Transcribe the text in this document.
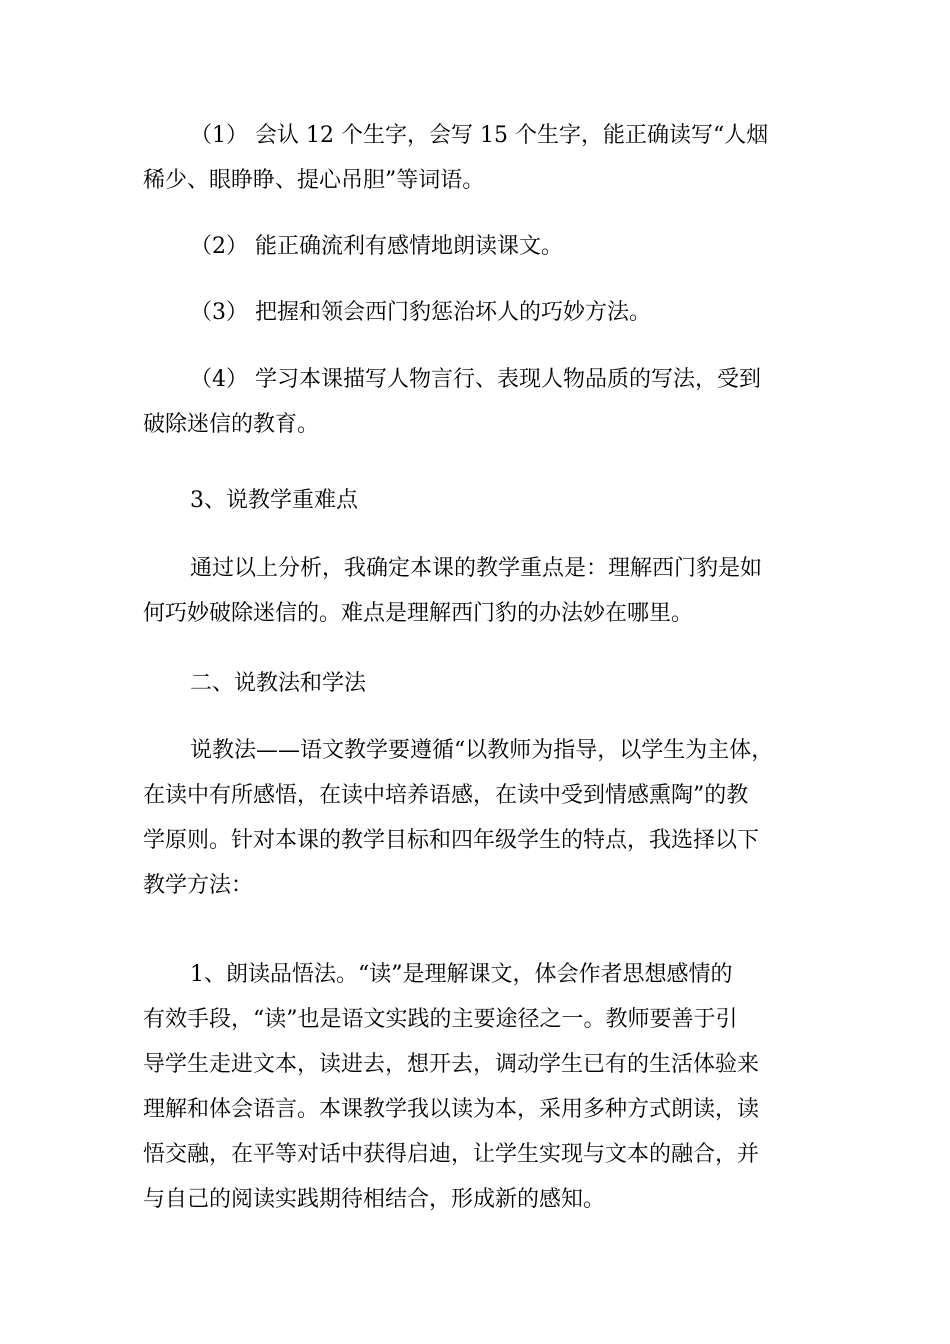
（1） 会认 12 个生字，会写 15 个生字，能正确读写“人烟
稀少、眼睁睁、提心吊胆”等词语。
（2） 能正确流利有感情地朗读课文。
（3） 把握和领会西门豹惩治坏人的巧妙方法。
（4） 学习本课描写人物言行、表现人物品质的写法，受到
破除迷信的教育。
3、说教学重难点
通过以上分析，我确定本课的教学重点是：理解西门豹是如
何巧妙破除迷信的。难点是理解西门豹的办法妙在哪里。
二、说教法和学法
说教法——语文教学要遵循“以教师为指导，以学生为主体，
在读中有所感悟，在读中培养语感，在读中受到情感熏陶”的教
学原则。针对本课的教学目标和四年级学生的特点，我选择以下
教学方法：
1、朗读品悟法。“读”是理解课文，体会作者思想感情的
有效手段，“读”也是语文实践的主要途径之一。教师要善于引
导学生走进文本，读进去，想开去，调动学生已有的生活体验来
理解和体会语言。本课教学我以读为本，采用多种方式朗读，读
悟交融，在平等对话中获得启迪，让学生实现与文本的融合，并
与自己的阅读实践期待相结合，形成新的感知。
